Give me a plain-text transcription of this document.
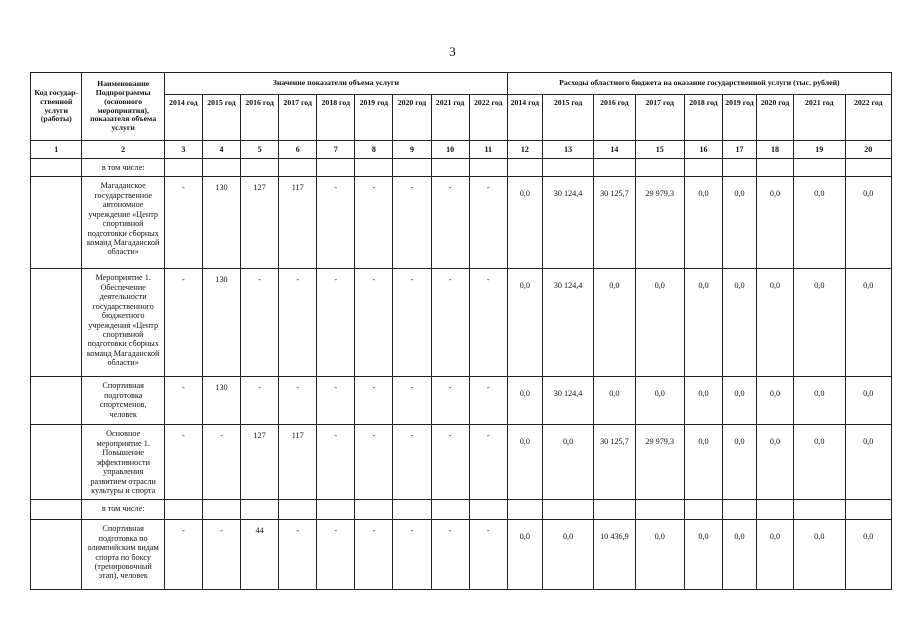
3
Код государ- ственной услуги (работы)	Наименование Подпрограммы (основного мероприятия), показателя объема услуги	Значение показатели объема услуги									Расходы областного бюджета на оказание государственной услуги (тыс. рублей)								
		2014 год	2015 год	2016 год	2017 год	2018 год	2019 год	2020 год	2021 год	2022 год	2014 год	2015 год	2016 год	2017 год	2018 год	2019 год	2020 год	2021 год	2022 год
1	2	3	4	5	6	7	8	9	10	11	12	13	14	15	16	17	18	19	20
	в том числе:																		
	Магаданское государственное автономное учреждение «Центр спортивной подготовки сборных команд Магаданской области»	-	130	127	117	-	-	-	-	-	0,0	30 124,4	30 125,7	29 979,3	0,0	0,0	0,0	0,0	0,0
	Мероприятие 1. Обеспечение деятельности государственного бюджетного учреждения «Центр спортивной подготовки сборных команд Магаданской области»	-	130	-	-	-	-	-	-	-	0,0	30 124,4	0,0	0,0	0,0	0,0	0,0	0,0	0,0
	Спортивная подготовка спортсменов, человек	-	130	-	-	-	-	-	-	-	0,0	30 124,4	0,0	0,0	0,0	0,0	0,0	0,0	0,0
	Основное мероприятие 1. Повышение эффективности управления развитием отрасли культуры и спорта	-	-	127	117	-	-	-	-	-	0,0	0,0	30 125,7	29 979,3	0,0	0,0	0,0	0,0	0,0
	в том числе:																		
	Спортивная подготовка по олимпийским видам спорта по боксу (тренировочный этап), человек	-	-	44	-	-	-	-	-	-	0,0	0,0	10 436,9	0,0	0,0	0,0	0,0	0,0	0,0
